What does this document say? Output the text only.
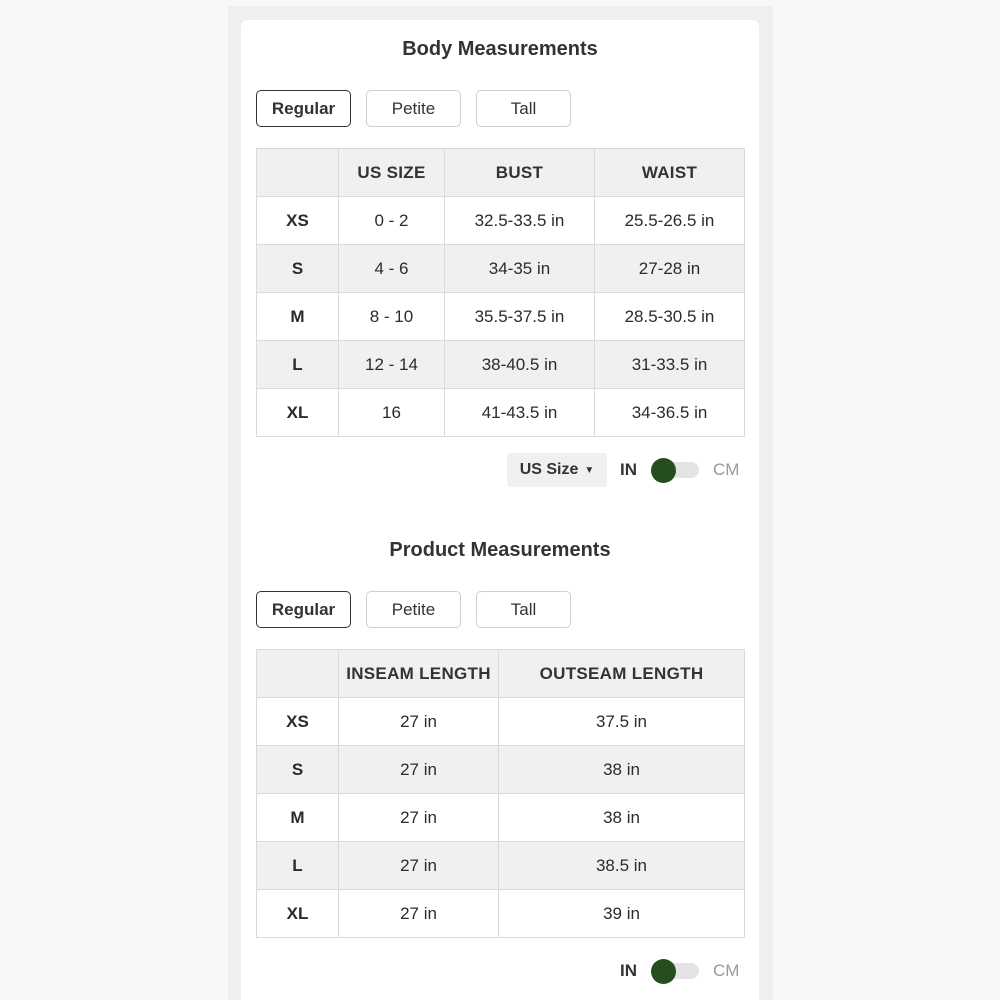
Body Measurements
Regular	Petite	Tall
	US SIZE	BUST	WAIST
XS	0 - 2	32.5-33.5 in	25.5-26.5 in
S	4 - 6	34-35 in	27-28 in
M	8 - 10	35.5-37.5 in	28.5-30.5 in
L	12 - 14	38-40.5 in	31-33.5 in
XL	16	41-43.5 in	34-36.5 in
US Size ▼ IN	CM
Product Measurements
Regular	Petite	Tall
	INSEAM LENGTH	OUTSEAM LENGTH
XS	27 in	37.5 in
S	27 in	38 in
M	27 in	38 in
L	27 in	38.5 in
XL	27 in	39 in
IN	CM
